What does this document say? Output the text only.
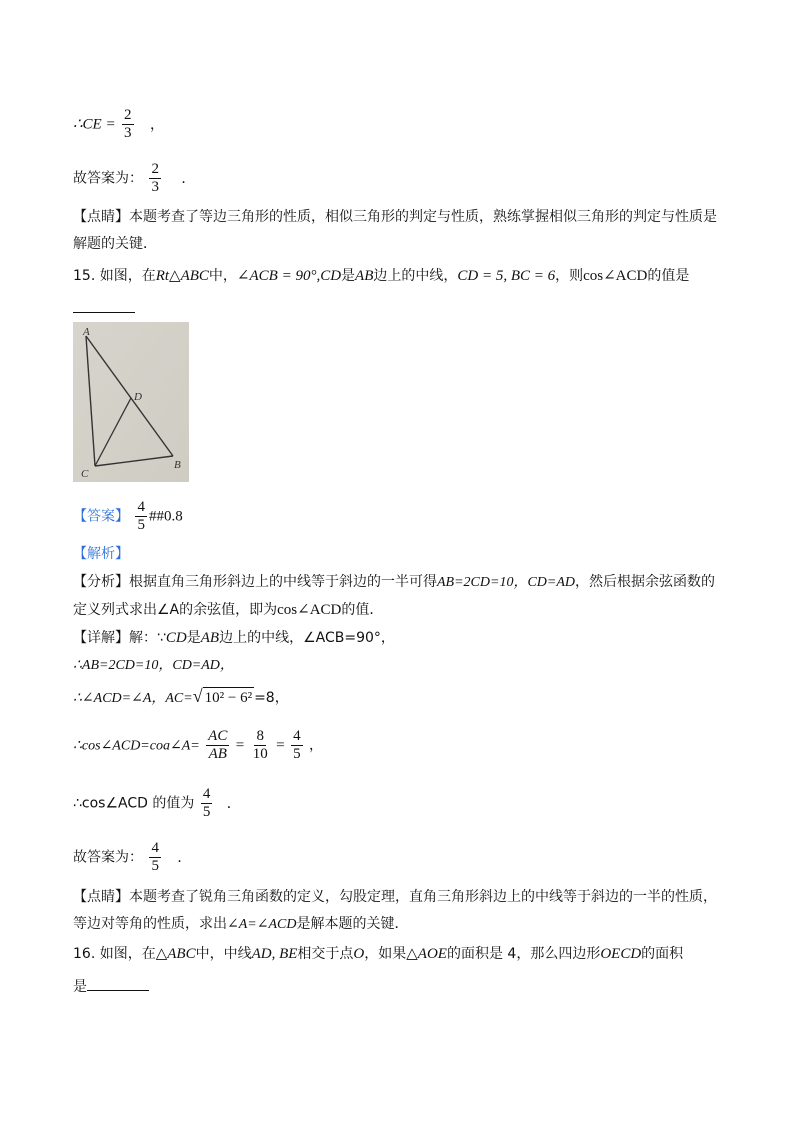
∴CE = $\frac{2}{3}$ ，
故答案为： $\frac{2}{3}$ ．
【点睛】本题考查了等边三角形的性质，相似三角形的判定与性质，熟练掌握相似三角形的判定与性质是
解题的关键．
15. 如图，在Rt△ABC中，∠ACB = 90°,CD是AB边上的中线，CD = 5, BC = 6，则cos∠ACD的值是
A
D
C
B
【答案】 $\frac{4}{5}$ ##0.8
【解析】
【分析】根据直角三角形斜边上的中线等于斜边的一半可得AB=2CD=10，CD=AD，然后根据余弦函数的
定义列式求出∠A的余弦值，即为cos∠ACD的值．
【详解】解：∵CD是AB边上的中线，∠ACB=90°，
∴AB=2CD=10，CD=AD，
∴∠ACD=∠A，AC=√ 10² − 6² =8，
∴cos∠ACD=coa∠A= $\frac{AC}{AB} = \frac{8}{10} = \frac{4}{5}$ ，
∴cos∠ACD 的值为 $\frac{4}{5}$ ．
故答案为： $\frac{4}{5}$ ．
【点睛】本题考查了锐角三角函数的定义，勾股定理，直角三角形斜边上的中线等于斜边的一半的性质，
等边对等角的性质，求出∠A=∠ACD是解本题的关键．
16. 如图，在△ABC中，中线AD, BE相交于点O，如果△AOE的面积是 4，那么四边形OECD的面积
是
